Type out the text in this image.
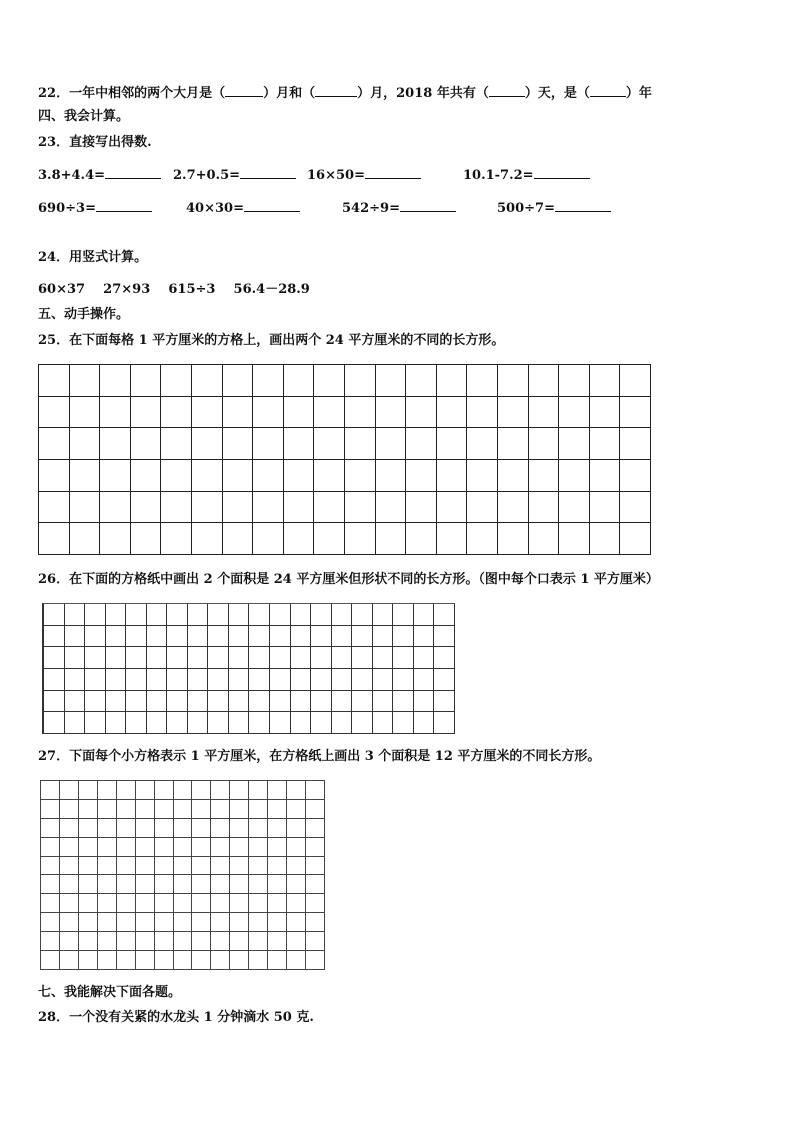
22．一年中相邻的两个大月是（	）月和（	）月，2018 年共有（	）天，是（	）年
四、我会计算。
23．直接写出得数.
3.8+4.4=	2.7+0.5=	16×50=	10.1-7.2=
690÷3=	40×30=	542÷9=	500÷7=
24．用竖式计算。
60×37    27×93    615÷3    56.4－28.9
五、动手操作。
25．在下面每格 1 平方厘米的方格上，画出两个 24 平方厘米的不同的长方形。
26．在下面的方格纸中画出 2 个面积是 24 平方厘米但形状不同的长方形。（图中每个口表示 1 平方厘米）
27．下面每个小方格表示 1 平方厘米，在方格纸上画出 3 个面积是 12 平方厘米的不同长方形。
七、我能解决下面各题。
28．一个没有关紧的水龙头 1 分钟滴水 50 克.
